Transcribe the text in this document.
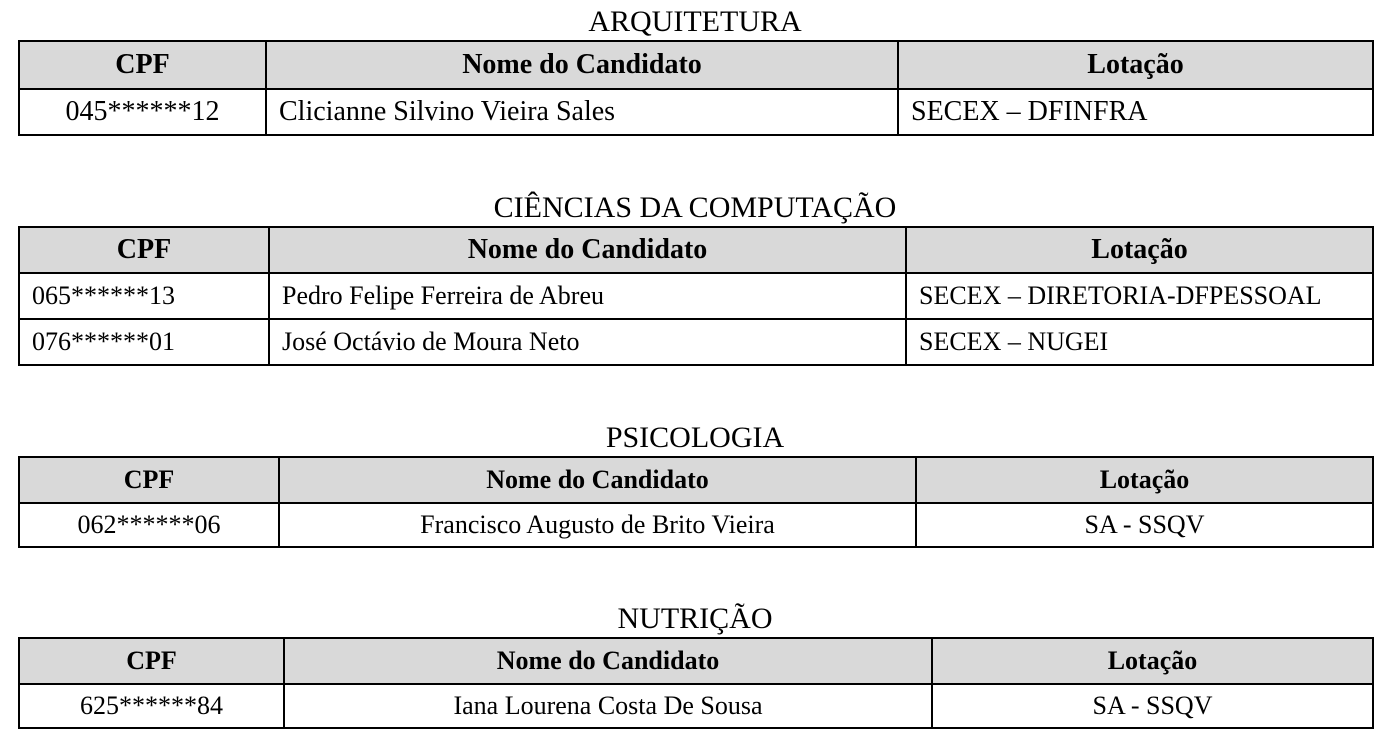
ARQUITETURA
CPF	Nome do Candidato	Lotação
045******12	Clicianne Silvino Vieira Sales	SECEX – DFINFRA
CIÊNCIAS DA COMPUTAÇÃO
CPF	Nome do Candidato	Lotação
065******13	Pedro Felipe Ferreira de Abreu	SECEX – DIRETORIA-DFPESSOAL
076******01	José Octávio de Moura Neto	SECEX – NUGEI
PSICOLOGIA
CPF	Nome do Candidato	Lotação
062******06	Francisco Augusto de Brito Vieira	SA - SSQV
NUTRIÇÃO
CPF	Nome do Candidato	Lotação
625******84	Iana Lourena Costa De Sousa	SA - SSQV
